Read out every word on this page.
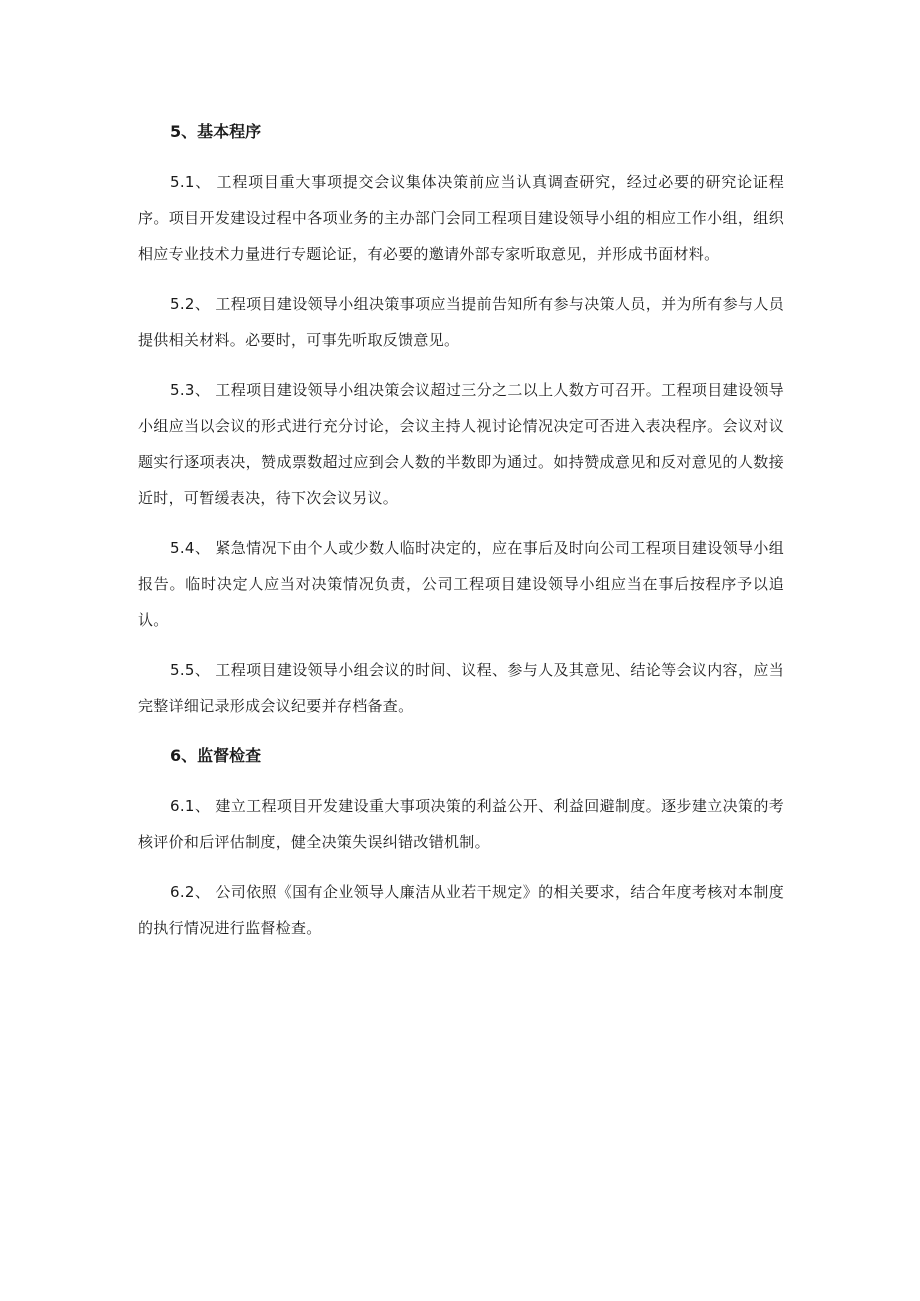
5、基本程序

5.1、 工程项目重大事项提交会议集体决策前应当认真调查研究，经过必要的研究论证程序。项目开发建设过程中各项业务的主办部门会同工程项目建设领导小组的相应工作小组，组织相应专业技术力量进行专题论证，有必要的邀请外部专家听取意见，并形成书面材料。

5.2、 工程项目建设领导小组决策事项应当提前告知所有参与决策人员，并为所有参与人员提供相关材料。必要时，可事先听取反馈意见。

5.3、 工程项目建设领导小组决策会议超过三分之二以上人数方可召开。工程项目建设领导小组应当以会议的形式进行充分讨论，会议主持人视讨论情况决定可否进入表决程序。会议对议题实行逐项表决，赞成票数超过应到会人数的半数即为通过。如持赞成意见和反对意见的人数接近时，可暂缓表决，待下次会议另议。

5.4、 紧急情况下由个人或少数人临时决定的，应在事后及时向公司工程项目建设领导小组报告。临时决定人应当对决策情况负责，公司工程项目建设领导小组应当在事后按程序予以追认。

5.5、 工程项目建设领导小组会议的时间、议程、参与人及其意见、结论等会议内容，应当完整详细记录形成会议纪要并存档备查。

6、监督检查

6.1、 建立工程项目开发建设重大事项决策的利益公开、利益回避制度。逐步建立决策的考核评价和后评估制度，健全决策失误纠错改错机制。

6.2、 公司依照《国有企业领导人廉洁从业若干规定》的相关要求，结合年度考核对本制度的执行情况进行监督检查。
